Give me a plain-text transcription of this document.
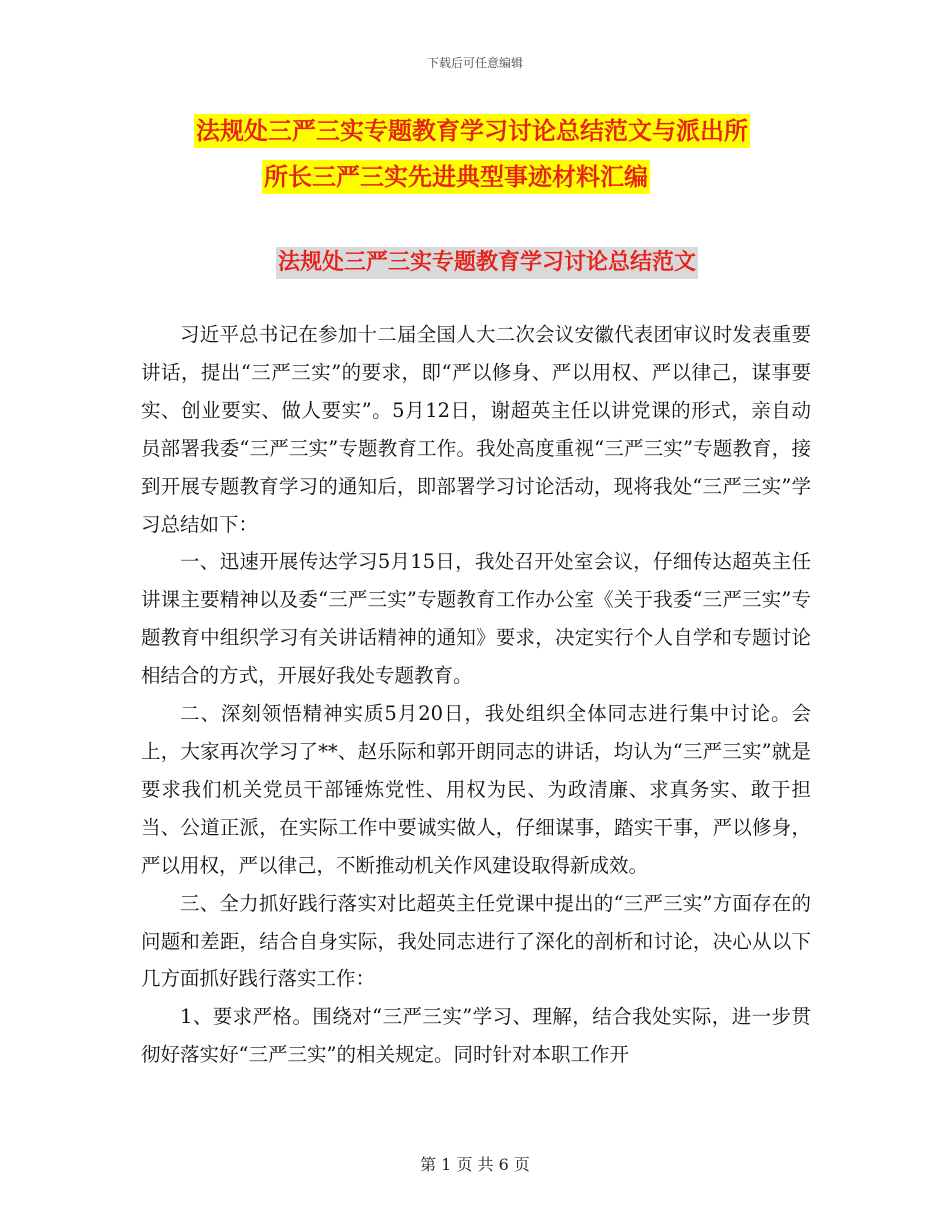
下载后可任意编辑
法规处三严三实专题教育学习讨论总结范文与派出所
所长三严三实先进典型事迹材料汇编
法规处三严三实专题教育学习讨论总结范文

习近平总书记在参加十二届全国人大二次会议安徽代表团审议时发表重要讲话，提出“三严三实”的要求，即“严以修身、严以用权、严以律己，谋事要实、创业要实、做人要实”。5月12日，谢超英主任以讲党课的形式，亲自动员部署我委“三严三实”专题教育工作。我处高度重视“三严三实”专题教育，接到开展专题教育学习的通知后，即部署学习讨论活动，现将我处“三严三实”学习总结如下：

一、迅速开展传达学习5月15日，我处召开处室会议，仔细传达超英主任讲课主要精神以及委“三严三实”专题教育工作办公室《关于我委“三严三实”专题教育中组织学习有关讲话精神的通知》要求，决定实行个人自学和专题讨论相结合的方式，开展好我处专题教育。

二、深刻领悟精神实质5月20日，我处组织全体同志进行集中讨论。会上，大家再次学习了**、赵乐际和郭开朗同志的讲话，均认为“三严三实”就是要求我们机关党员干部锤炼党性、用权为民、为政清廉、求真务实、敢于担当、公道正派，在实际工作中要诚实做人，仔细谋事，踏实干事，严以修身，严以用权，严以律己，不断推动机关作风建设取得新成效。

三、全力抓好践行落实对比超英主任党课中提出的“三严三实”方面存在的问题和差距，结合自身实际，我处同志进行了深化的剖析和讨论，决心从以下几方面抓好践行落实工作：

1、要求严格。围绕对“三严三实”学习、理解，结合我处实际，进一步贯彻好落实好“三严三实”的相关规定。同时针对本职工作开

第 1 页 共 6 页
